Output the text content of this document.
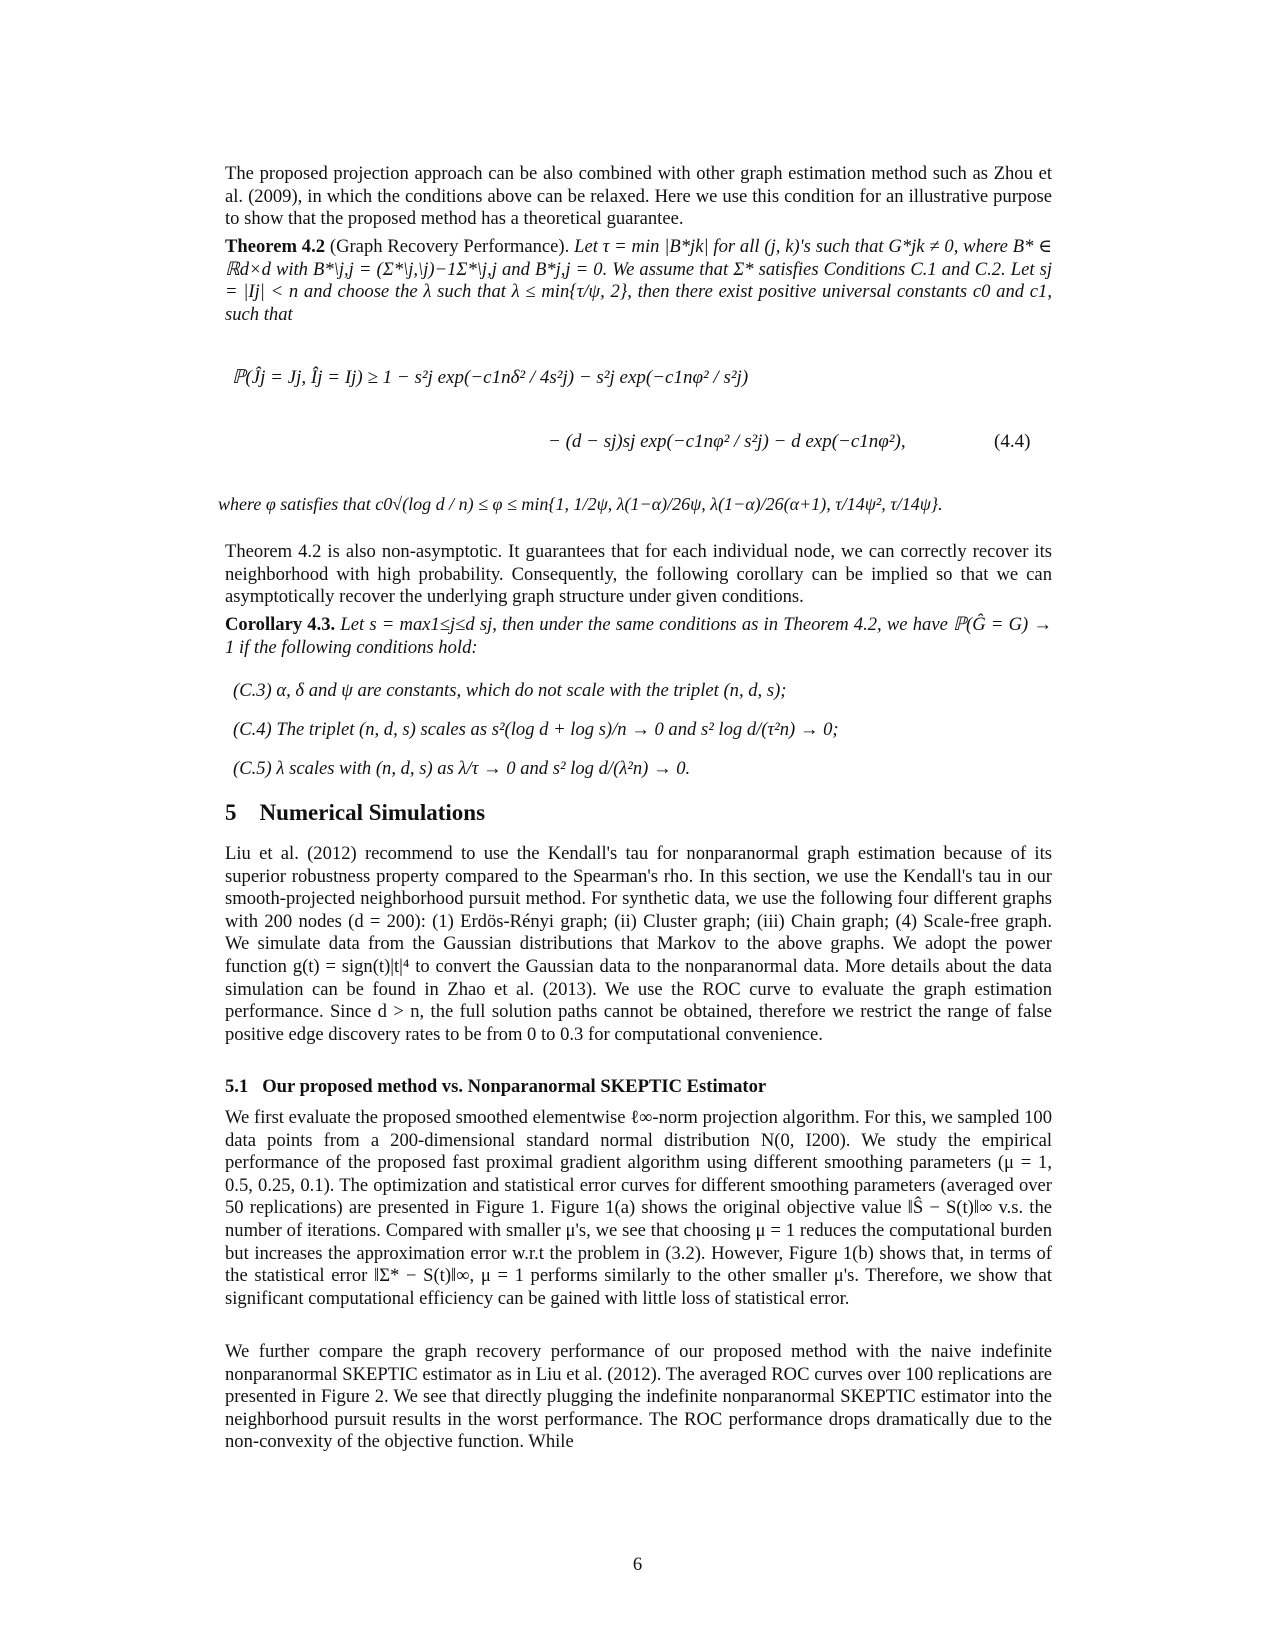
The proposed projection approach can be also combined with other graph estimation method such as Zhou et al. (2009), in which the conditions above can be relaxed. Here we use this condition for an illustrative purpose to show that the proposed method has a theoretical guarantee.

Theorem 4.2 (Graph Recovery Performance). Let τ = min |B*jk| for all (j, k)'s such that G*jk ≠ 0, where B* ∈ ℝd×d with B*\j,j = (Σ*\j,\j)−1Σ*\j,j and B*j,j = 0. We assume that Σ* satisfies Conditions C.1 and C.2. Let sj = |Ij| < n and choose the λ such that λ ≤ min{τ/ψ, 2}, then there exist positive universal constants c0 and c1, such that

ℙ(Ĵj = Jj, Îj = Ij) ≥ 1 − s²j exp(−c1nδ² / 4s²j) − s²j exp(−c1nφ² / s²j)
− (d − sj)sj exp(−c1nφ² / s²j) − d exp(−c1nφ²),	(4.4)
where φ satisfies that c0√(log d / n) ≤ φ ≤ min{1, 1/2ψ, λ(1−α)/26ψ, λ(1−α)/26(α+1), τ/14ψ², τ/14ψ}.

Theorem 4.2 is also non-asymptotic. It guarantees that for each individual node, we can correctly recover its neighborhood with high probability. Consequently, the following corollary can be implied so that we can asymptotically recover the underlying graph structure under given conditions.

Corollary 4.3. Let s = max1≤j≤d sj, then under the same conditions as in Theorem 4.2, we have ℙ(Ĝ = G) → 1 if the following conditions hold:

(C.3) α, δ and ψ are constants, which do not scale with the triplet (n, d, s);
(C.4) The triplet (n, d, s) scales as s²(log d + log s)/n → 0 and s² log d/(τ²n) → 0;
(C.5) λ scales with (n, d, s) as λ/τ → 0 and s² log d/(λ²n) → 0.
5 Numerical Simulations

Liu et al. (2012) recommend to use the Kendall's tau for nonparanormal graph estimation because of its superior robustness property compared to the Spearman's rho. In this section, we use the Kendall's tau in our smooth-projected neighborhood pursuit method. For synthetic data, we use the following four different graphs with 200 nodes (d = 200): (1) Erdös-Rényi graph; (ii) Cluster graph; (iii) Chain graph; (4) Scale-free graph. We simulate data from the Gaussian distributions that Markov to the above graphs. We adopt the power function g(t) = sign(t)|t|⁴ to convert the Gaussian data to the nonparanormal data. More details about the data simulation can be found in Zhao et al. (2013). We use the ROC curve to evaluate the graph estimation performance. Since d > n, the full solution paths cannot be obtained, therefore we restrict the range of false positive edge discovery rates to be from 0 to 0.3 for computational convenience.

5.1 Our proposed method vs. Nonparanormal SKEPTIC Estimator

We first evaluate the proposed smoothed elementwise ℓ∞-norm projection algorithm. For this, we sampled 100 data points from a 200-dimensional standard normal distribution N(0, I200). We study the empirical performance of the proposed fast proximal gradient algorithm using different smoothing parameters (μ = 1, 0.5, 0.25, 0.1). The optimization and statistical error curves for different smoothing parameters (averaged over 50 replications) are presented in Figure 1. Figure 1(a) shows the original objective value ‖Ŝ − S(t)‖∞ v.s. the number of iterations. Compared with smaller μ's, we see that choosing μ = 1 reduces the computational burden but increases the approximation error w.r.t the problem in (3.2). However, Figure 1(b) shows that, in terms of the statistical error ‖Σ* − S(t)‖∞, μ = 1 performs similarly to the other smaller μ's. Therefore, we show that significant computational efficiency can be gained with little loss of statistical error.

We further compare the graph recovery performance of our proposed method with the naive indefinite nonparanormal SKEPTIC estimator as in Liu et al. (2012). The averaged ROC curves over 100 replications are presented in Figure 2. We see that directly plugging the indefinite nonparanormal SKEPTIC estimator into the neighborhood pursuit results in the worst performance. The ROC performance drops dramatically due to the non-convexity of the objective function. While

6
